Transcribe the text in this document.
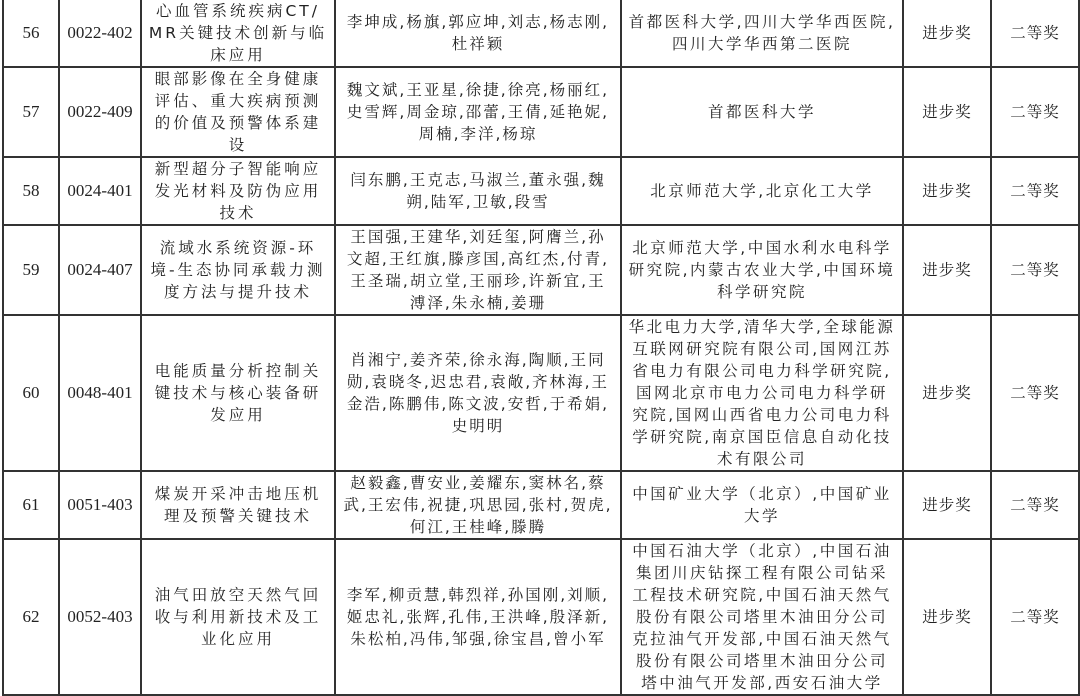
56	0022-402	心血管系统疾病CT/MR关键技术创新与临床应用	李坤成,杨旗,郭应坤,刘志,杨志刚,杜祥颖	首都医科大学,四川大学华西医院,四川大学华西第二医院	进步奖	二等奖
57	0022-409	眼部影像在全身健康评估、重大疾病预测的价值及预警体系建设	魏文斌,王亚星,徐捷,徐亮,杨丽红,史雪辉,周金琼,邵蕾,王倩,延艳妮,周楠,李洋,杨琼	首都医科大学	进步奖	二等奖
58	0024-401	新型超分子智能响应发光材料及防伪应用技术	闫东鹏,王克志,马淑兰,董永强,魏朔,陆军,卫敏,段雪	北京师范大学,北京化工大学	进步奖	二等奖
59	0024-407	流域水系统资源-环境-生态协同承载力测度方法与提升技术	王国强,王建华,刘廷玺,阿膺兰,孙文超,王红旗,滕彦国,高红杰,付青,王圣瑞,胡立堂,王丽珍,许新宜,王溥泽,朱永楠,姜珊	北京师范大学,中国水利水电科学研究院,内蒙古农业大学,中国环境科学研究院	进步奖	二等奖
60	0048-401	电能质量分析控制关键技术与核心装备研发应用	肖湘宁,姜齐荣,徐永海,陶顺,王同勋,袁晓冬,迟忠君,袁敞,齐林海,王金浩,陈鹏伟,陈文波,安哲,于希娟,史明明	华北电力大学,清华大学,全球能源互联网研究院有限公司,国网江苏省电力有限公司电力科学研究院,国网北京市电力公司电力科学研究院,国网山西省电力公司电力科学研究院,南京国臣信息自动化技术有限公司	进步奖	二等奖
61	0051-403	煤炭开采冲击地压机理及预警关键技术	赵毅鑫,曹安业,姜耀东,窦林名,蔡武,王宏伟,祝捷,巩思园,张村,贺虎,何江,王桂峰,滕腾	中国矿业大学（北京）,中国矿业大学	进步奖	二等奖
62	0052-403	油气田放空天然气回收与利用新技术及工业化应用	李军,柳贡慧,韩烈祥,孙国刚,刘顺,姬忠礼,张辉,孔伟,王洪峰,殷泽新,朱松柏,冯伟,邹强,徐宝昌,曾小军	中国石油大学（北京）,中国石油集团川庆钻探工程有限公司钻采工程技术研究院,中国石油天然气股份有限公司塔里木油田分公司克拉油气开发部,中国石油天然气股份有限公司塔里木油田分公司塔中油气开发部,西安石油大学	进步奖	二等奖
